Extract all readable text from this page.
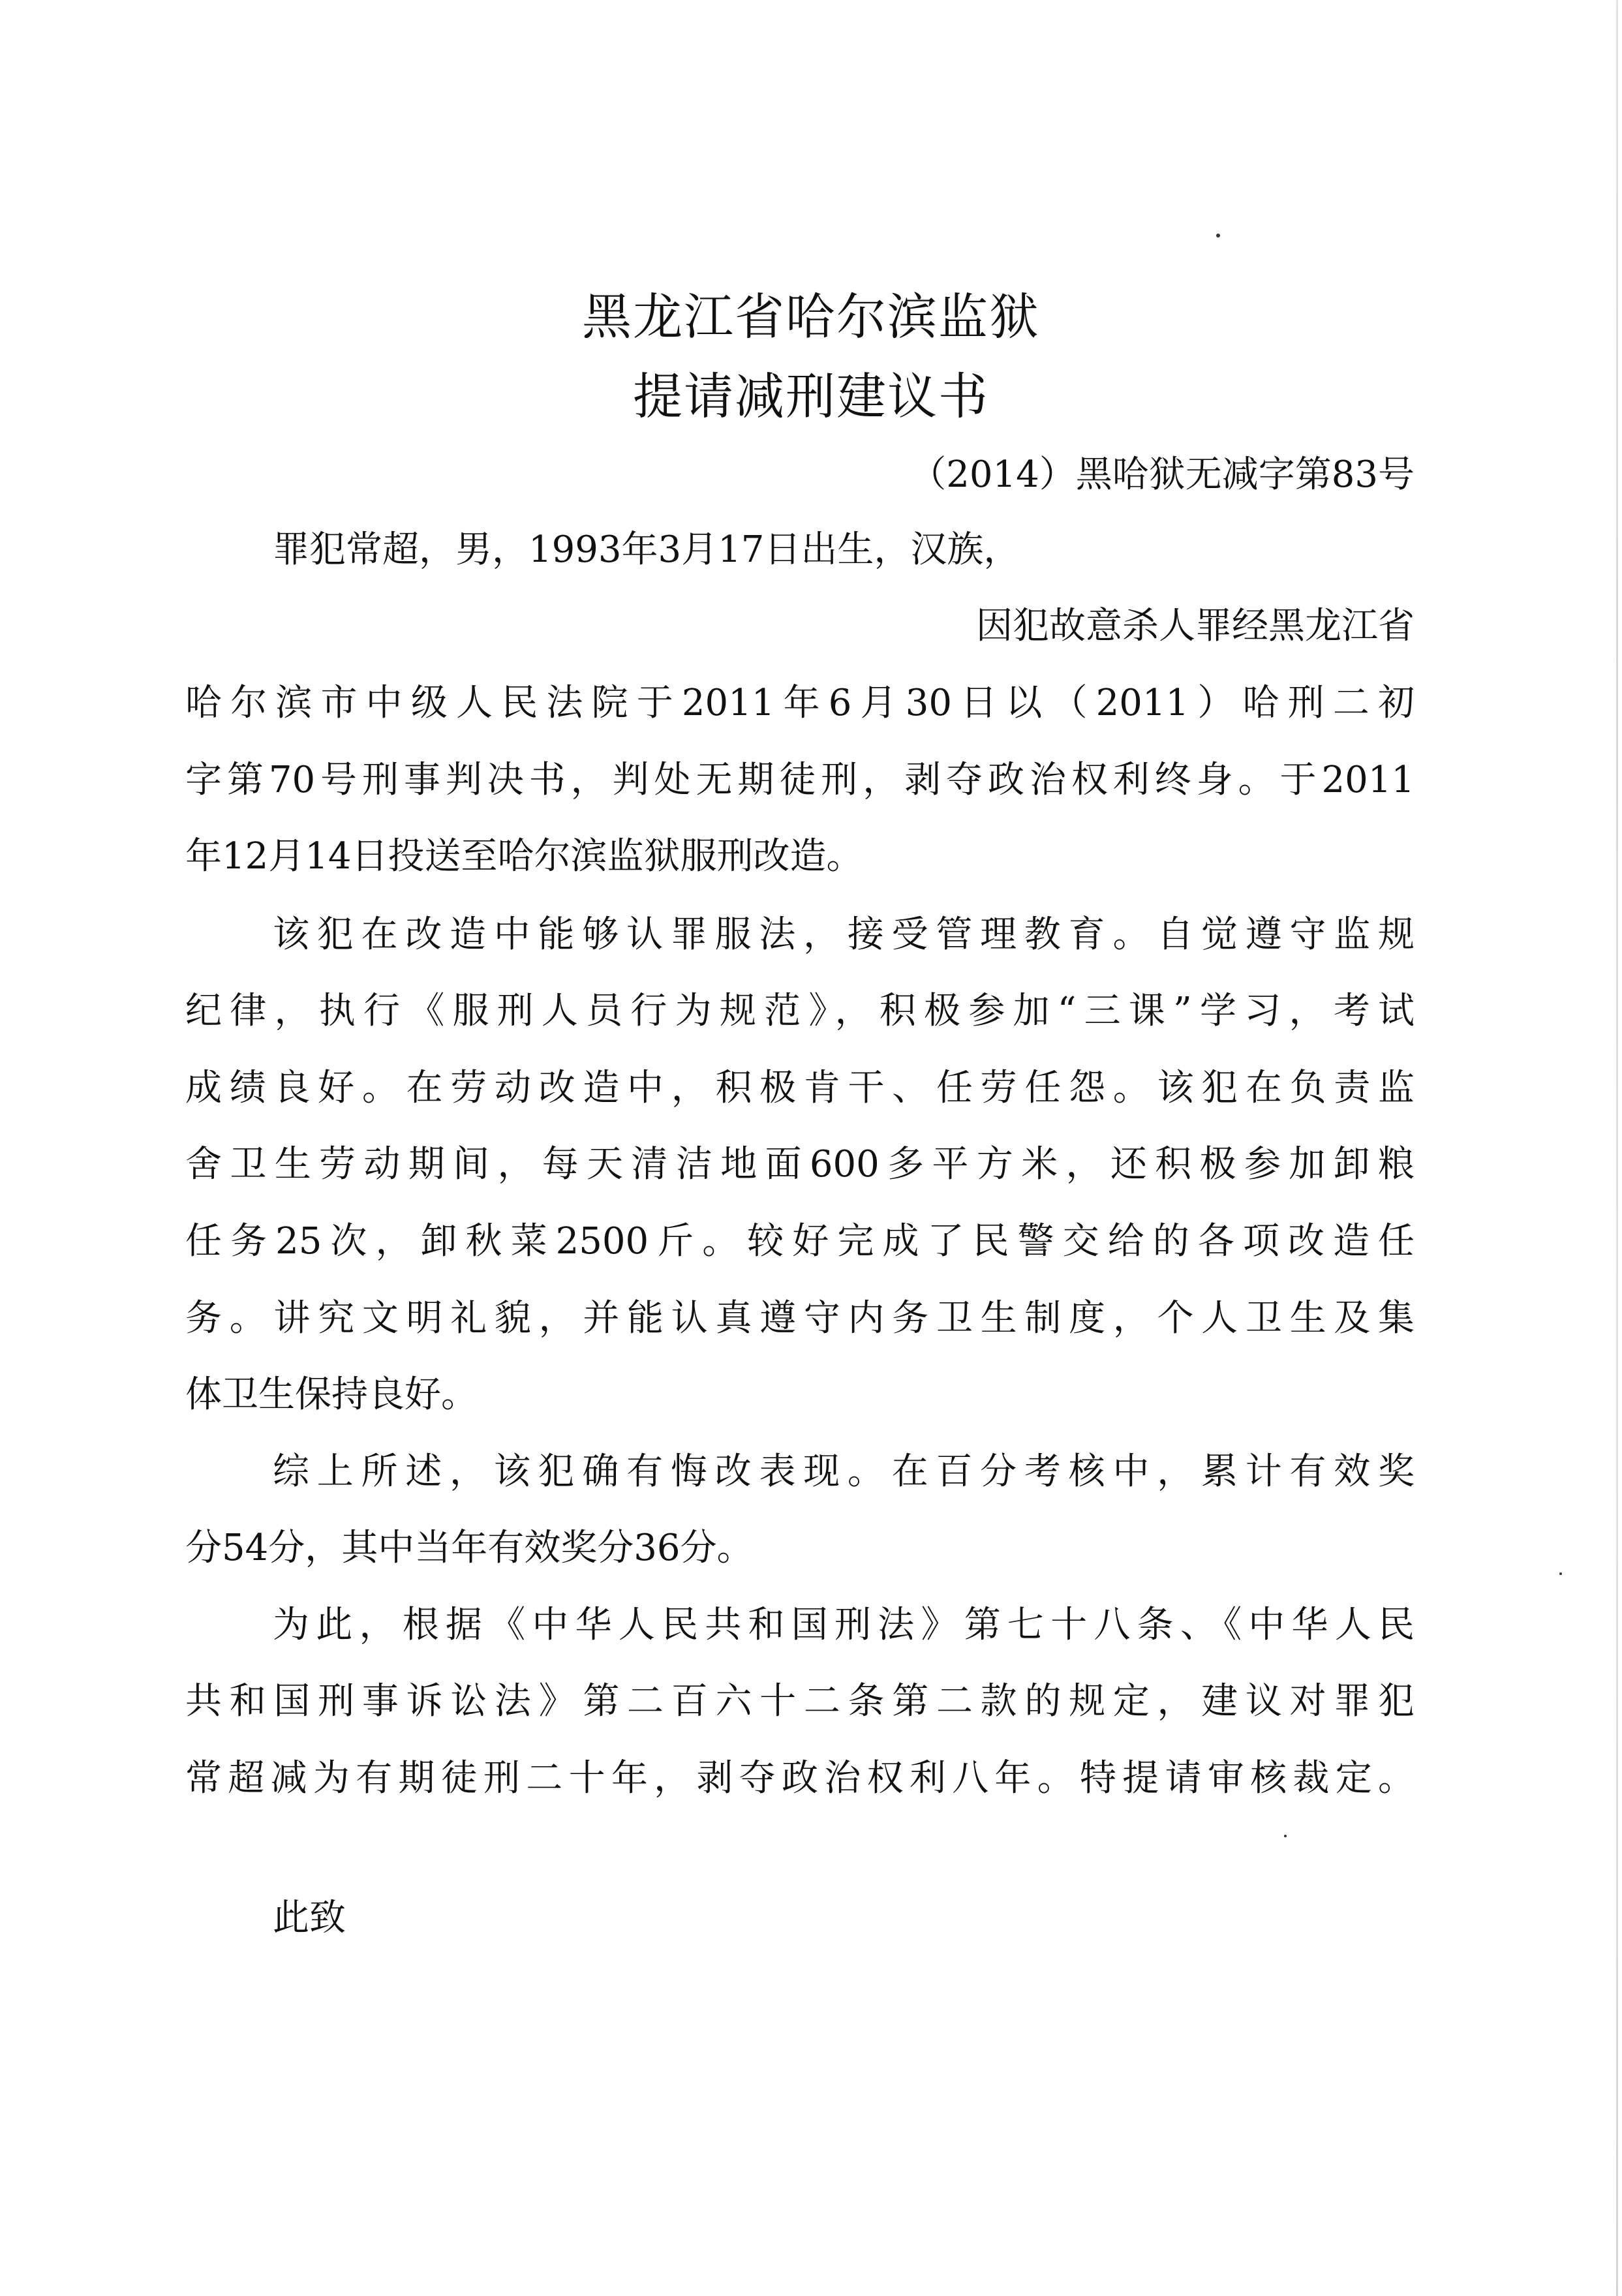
黑龙江省哈尔滨监狱
提请减刑建议书
（2014）黑哈狱无减字第83号
罪犯常超，男，1993年3月17日出生，汉族，
因犯故意杀人罪经黑龙江省
哈尔滨市中级人民法院于2011年6月30日以（2011）哈刑二初
字第70号刑事判决书，判处无期徒刑，剥夺政治权利终身。于2011
年12月14日投送至哈尔滨监狱服刑改造。
该犯在改造中能够认罪服法，接受管理教育。自觉遵守监规
纪律，执行《服刑人员行为规范》，积极参加“三课”学习，考试
成绩良好。在劳动改造中，积极肯干、任劳任怨。该犯在负责监
舍卫生劳动期间，每天清洁地面600多平方米，还积极参加卸粮
任务25次，卸秋菜2500斤。较好完成了民警交给的各项改造任
务。讲究文明礼貌，并能认真遵守内务卫生制度，个人卫生及集
体卫生保持良好。
综上所述，该犯确有悔改表现。在百分考核中，累计有效奖
分54分，其中当年有效奖分36分。
为此，根据《中华人民共和国刑法》第七十八条、《中华人民
共和国刑事诉讼法》第二百六十二条第二款的规定，建议对罪犯
常超减为有期徒刑二十年，剥夺政治权利八年。特提请审核裁定。
此致
